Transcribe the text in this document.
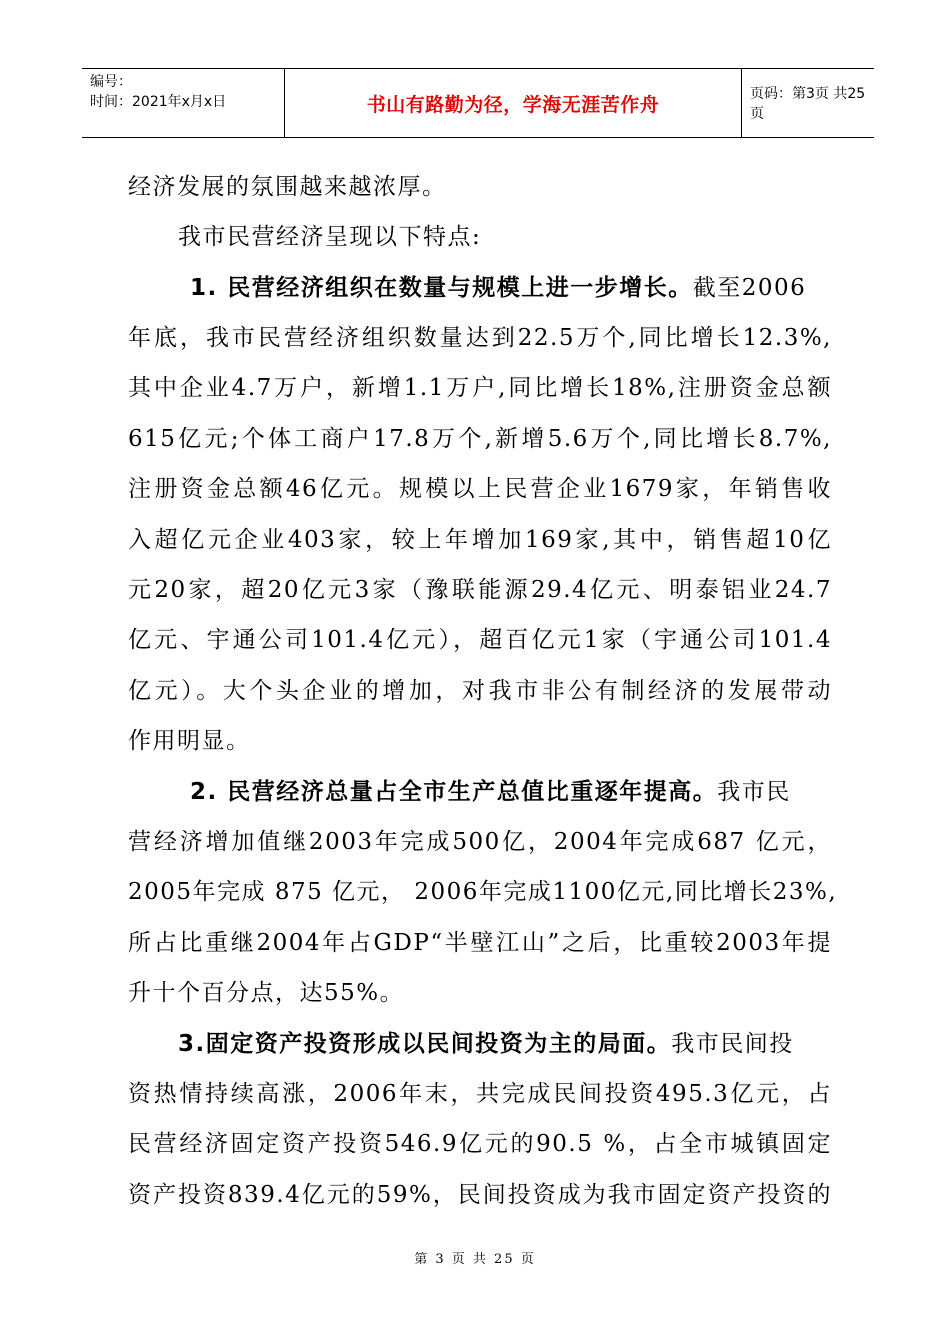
编号：
时间：2021年x月x日	书山有路勤为径，学海无涯苦作舟	页码：第3页 共25页
经济发展的氛围越来越浓厚。
我市民营经济呈现以下特点:
1. 民营经济组织在数量与规模上进一步增长。截至2006
年底，我市民营经济组织数量达到22.5万个,同比增长12.3%,
其中企业4.7万户，新增1.1万户,同比增长18%,注册资金总额
615亿元;个体工商户17.8万个,新增5.6万个,同比增长8.7%,
注册资金总额46亿元。规模以上民营企业1679家，年销售收
入超亿元企业403家，较上年增加169家,其中，销售超10亿
元20家，超20亿元3家（豫联能源29.4亿元、明泰铝业24.7
亿元、宇通公司101.4亿元），超百亿元1家（宇通公司101.4
亿元）。大个头企业的增加，对我市非公有制经济的发展带动
作用明显。
2. 民营经济总量占全市生产总值比重逐年提高。我市民
营经济增加值继2003年完成500亿，2004年完成687 亿元，
2005年完成 875 亿元， 2006年完成1100亿元,同比增长23%,
所占比重继2004年占GDP“半壁江山”之后，比重较2003年提
升十个百分点，达55%。
3.固定资产投资形成以民间投资为主的局面。我市民间投
资热情持续高涨，2006年末，共完成民间投资495.3亿元，占
民营经济固定资产投资546.9亿元的90.5 %，占全市城镇固定
资产投资839.4亿元的59%，民间投资成为我市固定资产投资的
第 3 页 共 25 页
